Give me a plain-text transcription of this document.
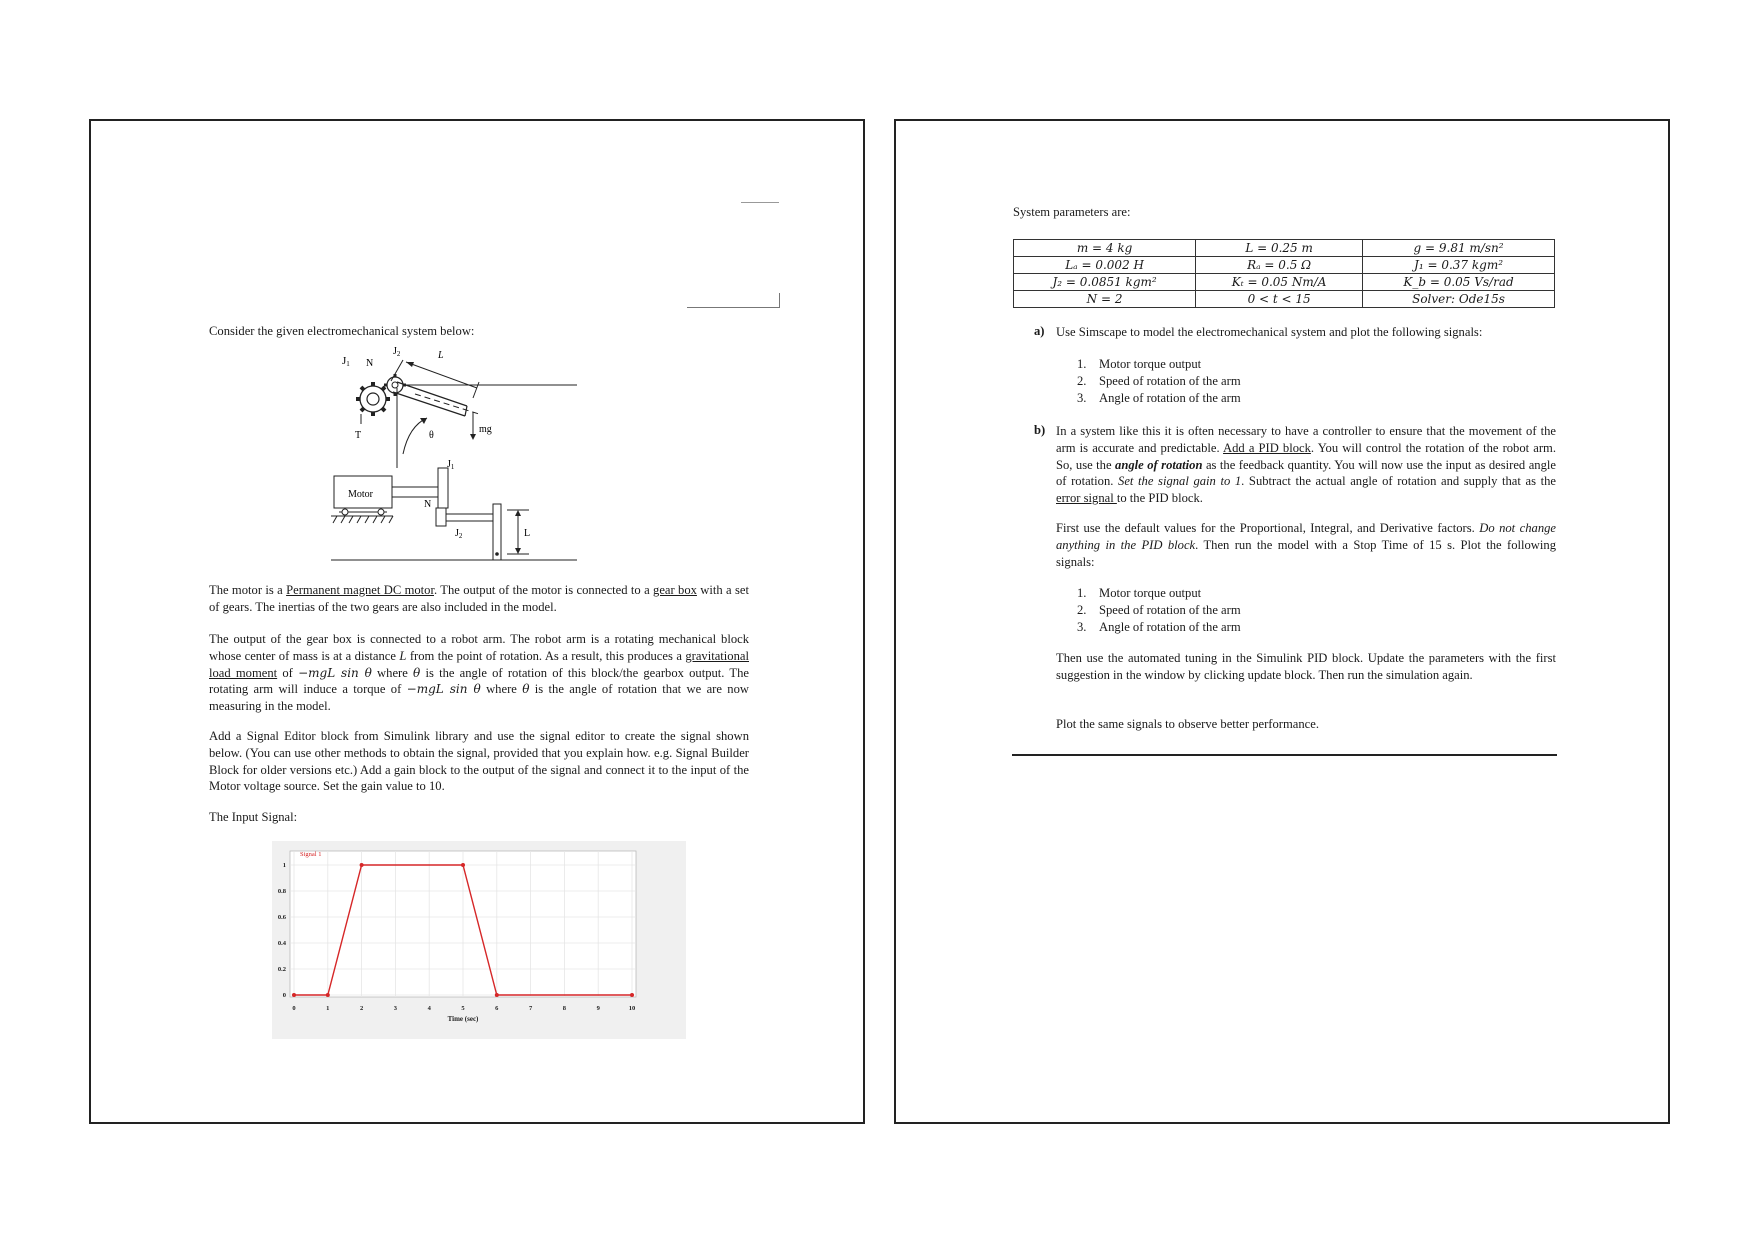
Consider the given electromechanical system below:

J1 N
$J_2$	L
θ
T
mg
Motor
$J_1$
N
$J_2$	L

The motor is a Permanent magnet DC motor. The output of the motor is connected to a gear box with a set of gears. The inertias of the two gears are also included in the model.

The output of the gear box is connected to a robot arm. The robot arm is a rotating mechanical block whose center of mass is at a distance L from the point of rotation. As a result, this produces a gravitational load moment of −mgL sin θ where θ is the angle of rotation of this block/the gearbox output. The rotating arm will induce a torque of −mgL sin θ where θ is the angle of rotation that we are now measuring in the model.

Add a Signal Editor block from Simulink library and use the signal editor to create the signal shown below. (You can use other methods to obtain the signal, provided that you explain how. e.g. Signal Builder Block for older versions etc.) Add a gain block to the output of the signal and connect it to the input of the Motor voltage source. Set the gain value to 10.

The Input Signal:

0	1	2	3	4	5	6	7	8	9	10
0
0.2
0.4
0.6
0.8
1
Signal 1
Time (sec)

System parameters are:

m = 4 kg	L = 0.25 m	g = 9.81 m/sn²
Lₐ = 0.002 H	Rₐ = 0.5 Ω	J₁ = 0.37 kgm²
J₂ = 0.0851 kgm²	Kₜ = 0.05 Nm/A	K_b = 0.05 Vs/rad
N = 2	0 < t < 15	Solver: Ode15s
a) Use Simscape to model the electromechanical system and plot the following signals:

1. Motor torque output
2. Speed of rotation of the arm
3. Angle of rotation of the arm
b) In a system like this it is often necessary to have a controller to ensure that the movement of the arm is accurate and predictable. Add a PID block. You will control the rotation of the robot arm. So, use the angle of rotation as the feedback quantity. You will now use the input as desired angle of rotation. Set the signal gain to 1. Subtract the actual angle of rotation and supply that as the error signal to the PID block.

First use the default values for the Proportional, Integral, and Derivative factors. Do not change anything in the PID block. Then run the model with a Stop Time of 15 s. Plot the following signals:

1. Motor torque output
2. Speed of rotation of the arm
3. Angle of rotation of the arm

Then use the automated tuning in the Simulink PID block. Update the parameters with the first suggestion in the window by clicking update block. Then run the simulation again.

Plot the same signals to observe better performance.
